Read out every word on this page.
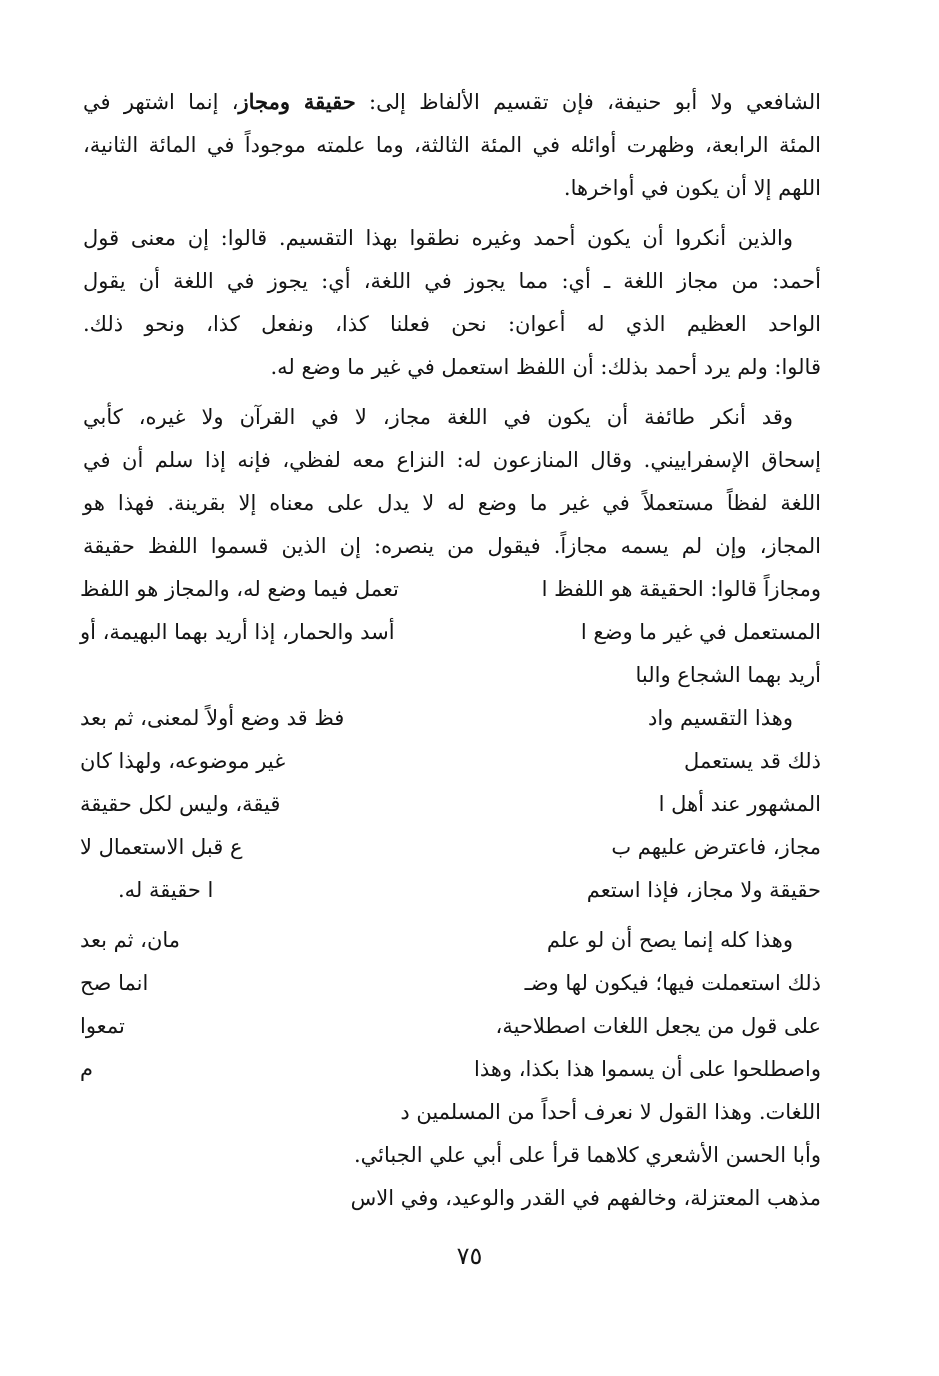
الشافعي ولا أبو حنيفة، فإن تقسيم الألفاظ إلى: حقيقة ومجاز، إنما اشتهر في
المئة الرابعة، وظهرت أوائله في المئة الثالثة، وما علمته موجوداً في المائة الثانية،
اللهم إلا أن يكون في أواخرها.
والذين أنكروا أن يكون أحمد وغيره نطقوا بهذا التقسيم. قالوا: إن معنى قول
أحمد: من مجاز اللغة ـ أي: مما يجوز في اللغة، أي: يجوز في اللغة أن يقول
الواحد العظيم الذي له أعوان: نحن فعلنا كذا، ونفعل كذا، ونحو ذلك.
قالوا: ولم يرد أحمد بذلك: أن اللفظ استعمل في غير ما وضع له.
وقد أنكر طائفة أن يكون في اللغة مجاز، لا في القرآن ولا غيره، كأبي
إسحاق الإسفراييني. وقال المنازعون له: النزاع معه لفظي، فإنه إذا سلم أن في
اللغة لفظاً مستعملاً في غير ما وضع له لا يدل على معناه إلا بقرينة. فهذا هو
المجاز، وإن لم يسمه مجازاً. فيقول من ينصره: إن الذين قسموا اللفظ حقيقة
ومجازاً قالوا: الحقيقة هو اللفظ ا
تعمل فيما وضع له، والمجاز هو اللفظ
المستعمل في غير ما وضع ا
أسد والحمار، إذا أريد بهما البهيمة، أو
أريد بهما الشجاع والبا
وهذا التقسيم واد
فظ قد وضع أولاً لمعنى، ثم بعد
ذلك قد يستعمل
غير موضوعه، ولهذا كان
المشهور عند أهل ا
قيقة، وليس لكل حقيقة
مجاز، فاعترض عليهم ب
ع قبل الاستعمال لا
حقيقة ولا مجاز، فإذا استعم
ا حقيقة له.
وهذا كله إنما يصح أن لو علم
مان، ثم بعد
ذلك استعملت فيها؛ فيكون لها وضـ
انما صح
على قول من يجعل اللغات اصطلاحية،
تمعوا
واصطلحوا على أن يسموا هذا بكذا، وهذا
م
اللغات. وهذا القول لا نعرف أحداً من المسلمين د
وأبا الحسن الأشعري كلاهما قرأ على أبي علي الجبائي.
مذهب المعتزلة، وخالفهم في القدر والوعيد، وفي الاس
٧٥
